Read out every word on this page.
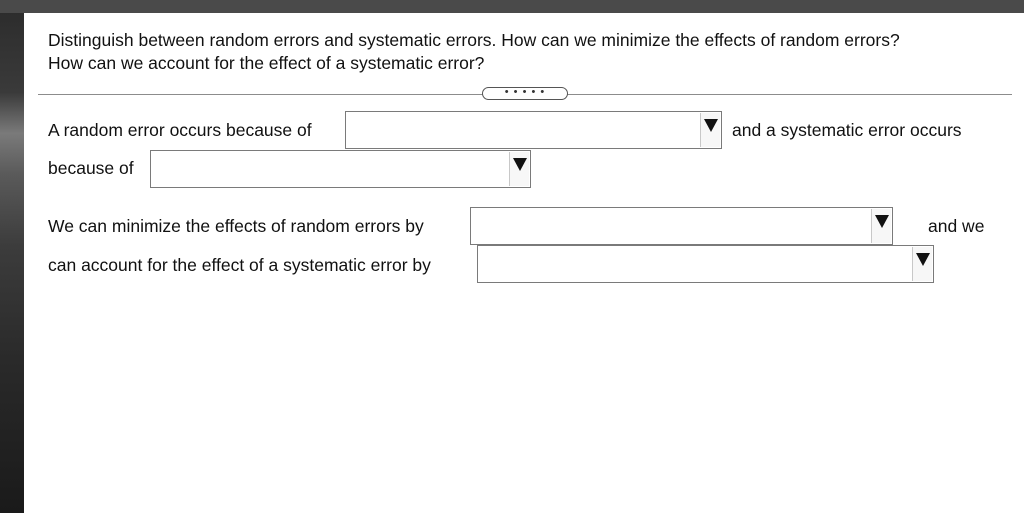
Distinguish between random errors and systematic errors. How can we minimize the effects of random errors?
How can we account for the effect of a systematic error?
• • • • •
A random error occurs because of	and a systematic error occurs
because of
We can minimize the effects of random errors by	and we
can account for the effect of a systematic error by
